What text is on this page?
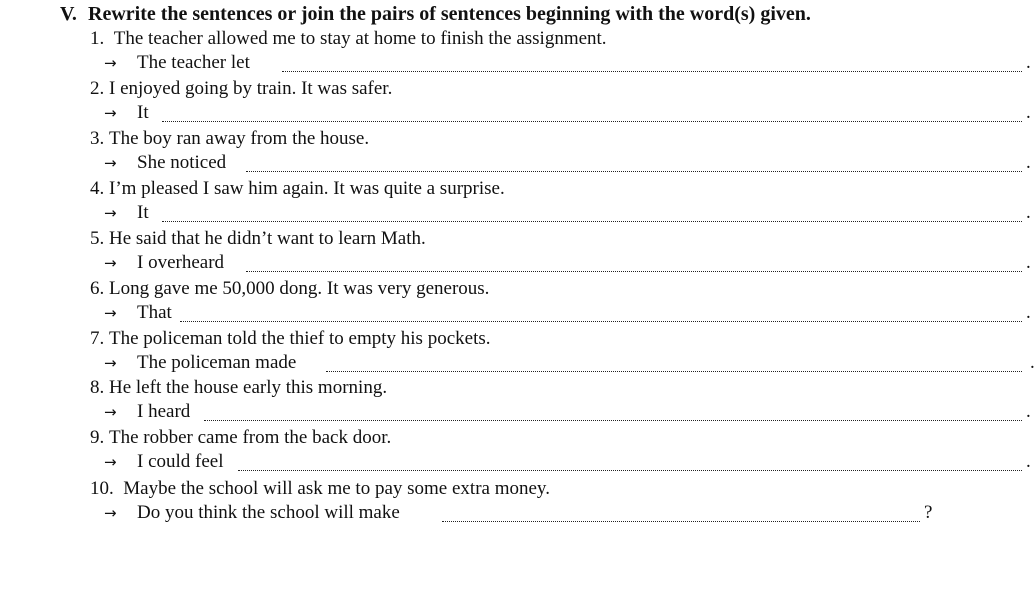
V. Rewrite the sentences or join the pairs of sentences beginning with the word(s) given.
1. The teacher allowed me to stay at home to finish the assignment.
→ The teacher let	.
2. I enjoyed going by train. It was safer.
→ It	.
3. The boy ran away from the house.
→ She noticed	.
4. I’m pleased I saw him again. It was quite a surprise.
→ It	.
5. He said that he didn’t want to learn Math.
→ I overheard	.
6. Long gave me 50,000 dong. It was very generous.
→ That	.
7. The policeman told the thief to empty his pockets.
→ The policeman made	.
8. He left the house early this morning.
→ I heard	.
9. The robber came from the back door.
→ I could feel	.
10. Maybe the school will ask me to pay some extra money.
→ Do you think the school will make	?
